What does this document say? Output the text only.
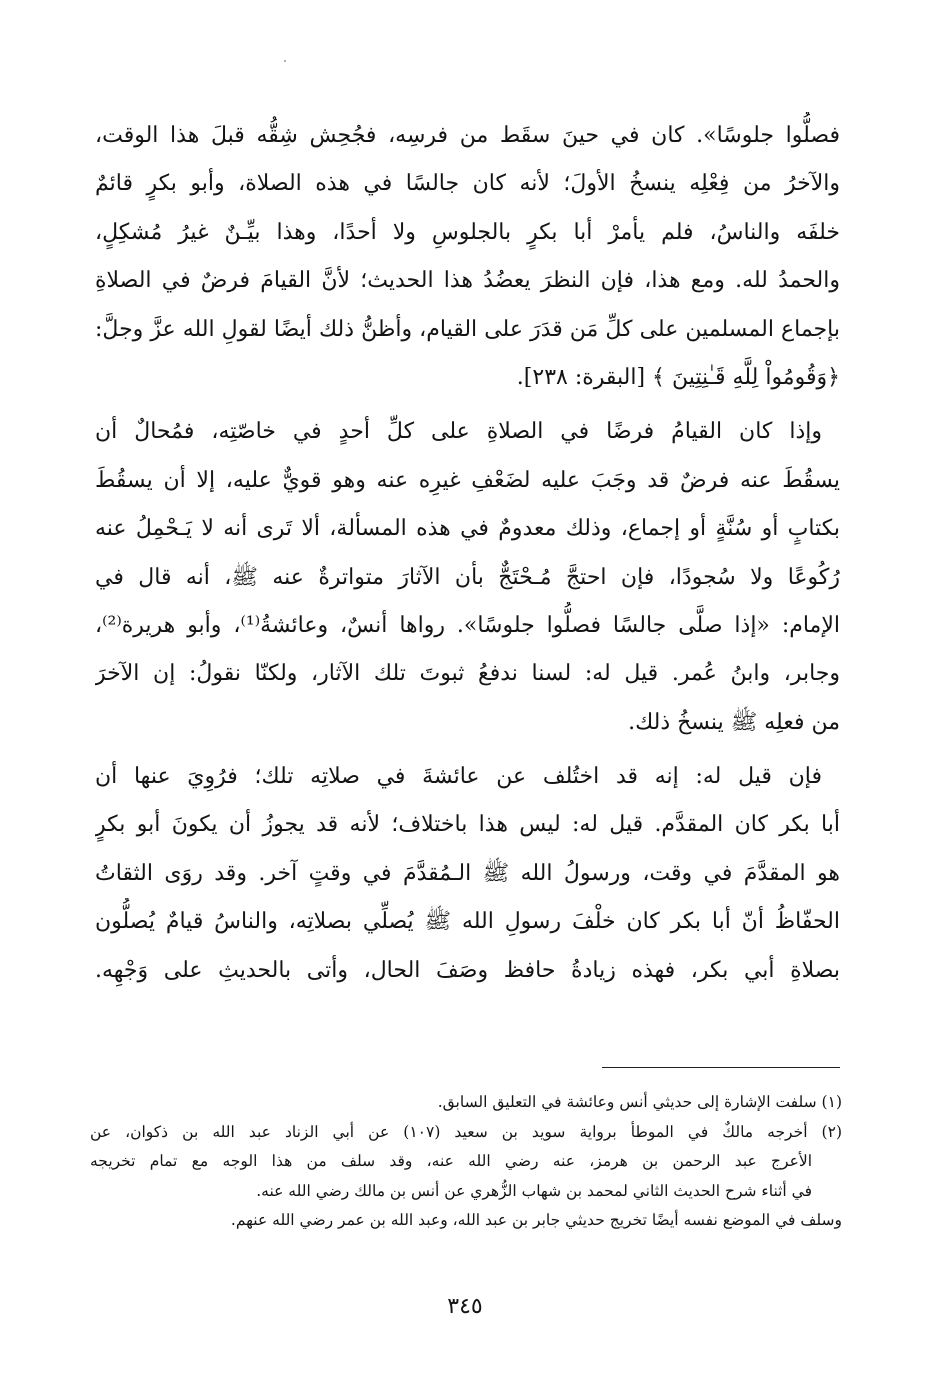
فصلُّوا جلوسًا». كان في حينَ سقَط من فرسِه، فجُحِش شِقُّه قبلَ هذا الوقت،
والآخرُ من فِعْلِه ينسخُ الأولَ؛ لأنه كان جالسًا في هذه الصلاة، وأبو بكرٍ قائمٌ
خلفَه والناسُ، فلم يأمرْ أبا بكرٍ بالجلوسِ ولا أحدًا، وهذا بيِّـنٌ غيرُ مُشكِلٍ،
والحمدُ لله. ومع هذا، فإن النظرَ يعضُدُ هذا الحديث؛ لأنَّ القيامَ فرضٌ في الصلاةِ
بإجماع المسلمين على كلِّ مَن قدَرَ على القيام، وأظنُّ ذلك أيضًا لقولِ الله عزَّ وجلَّ:
﴿وَقُومُواْ لِلَّهِ قَـٰنِتِينَ ﴾ [البقرة: ٢٣٨].
وإذا كان القيامُ فرضًا في الصلاةِ على كلِّ أحدٍ في خاصّتِه، فمُحالٌ أن
يسقُطَ عنه فرضٌ قد وجَبَ عليه لضَعْفِ غيرِه عنه وهو قويٌّ عليه، إلا أن يسقُطَ
بكتابٍ أو سُنَّةٍ أو إجماع، وذلك معدومٌ في هذه المسألة، ألا تَرى أنه لا يَـحْمِلُ عنه
رُكُوعًا ولا سُجودًا، فإن احتجَّ مُـحْتَجٌّ بأن الآثارَ متواترةٌ عنه ﷺ، أنه قال في
الإمام: «إذا صلَّى جالسًا فصلُّوا جلوسًا». رواها أنسٌ، وعائشةُ⁽¹⁾، وأبو هريرة⁽²⁾،
وجابر، وابنُ عُمر. قيل له: لسنا ندفعُ ثبوتَ تلك الآثار، ولكنّا نقولُ: إن الآخرَ
من فعلِه ﷺ ينسخُ ذلك.
فإن قيل له: إنه قد اختُلف عن عائشةَ في صلاتِه تلك؛ فرُوِيَ عنها أن
أبا بكر كان المقدَّم. قيل له: ليس هذا باختلاف؛ لأنه قد يجوزُ أن يكونَ أبو بكرٍ
هو المقدَّمَ في وقت، ورسولُ الله ﷺ الـمُقدَّمَ في وقتٍ آخر. وقد روَى الثقاتُ
الحفّاظُ أنّ أبا بكر كان خلْفَ رسولِ الله ﷺ يُصلِّي بصلاتِه، والناسُ قيامٌ يُصلُّون
بصلاةِ أبي بكر، فهذه زيادةُ حافظ وصَفَ الحال، وأتى بالحديثِ على وَجْهِه.
(١) سلفت الإشارة إلى حديثي أنس وعائشة في التعليق السابق.
(٢) أخرجه مالكٌ في الموطأ برواية سويد بن سعيد (١٠٧) عن أبي الزناد عبد الله بن ذكوان، عن
الأعرج عبد الرحمن بن هرمز، عنه رضي الله عنه، وقد سلف من هذا الوجه مع تمام تخريجه
في أثناء شرح الحديث الثاني لمحمد بن شهاب الزُّهري عن أنس بن مالك رضي الله عنه.
وسلف في الموضع نفسه أيضًا تخريج حديثي جابر بن عبد الله، وعبد الله بن عمر رضي الله عنهم.
٣٤٥
